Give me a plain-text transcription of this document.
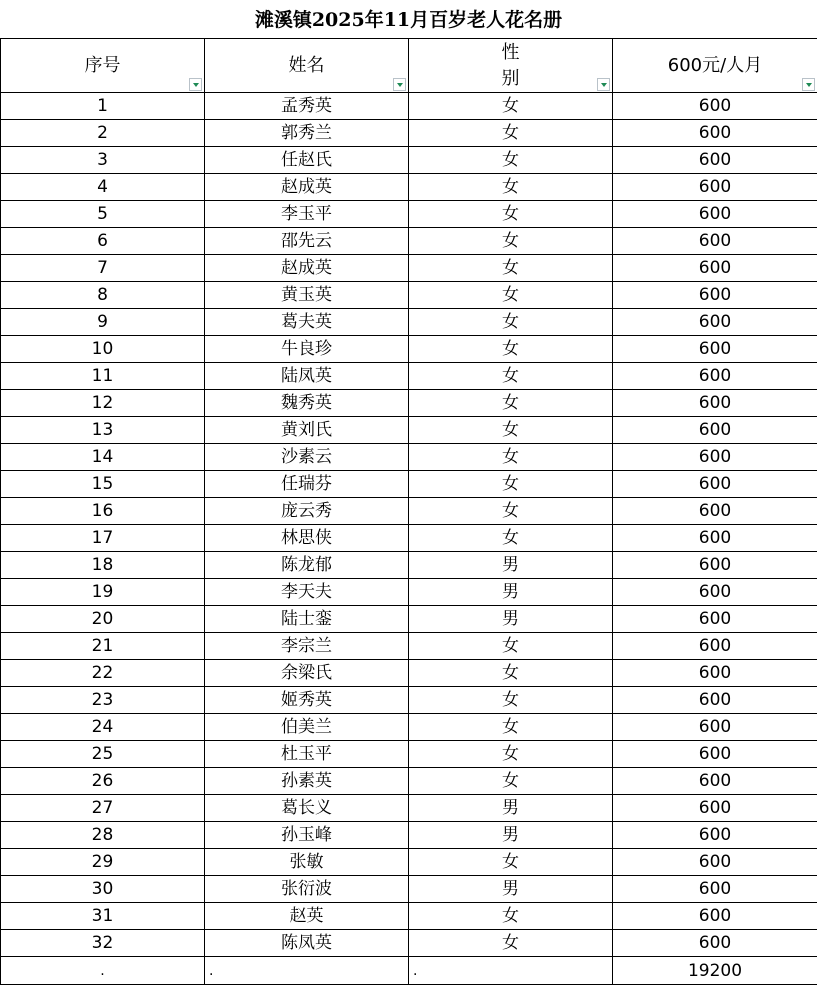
滩溪镇2025年11月百岁老人花名册
序号	姓名	性别	600元/人月

1	孟秀英	女	600
2	郭秀兰	女	600
3	任赵氏	女	600
4	赵成英	女	600
5	李玉平	女	600
6	邵先云	女	600
7	赵成英	女	600
8	黄玉英	女	600
9	葛夫英	女	600
10	牛良珍	女	600
11	陆凤英	女	600
12	魏秀英	女	600
13	黄刘氏	女	600
14	沙素云	女	600
15	任瑞芬	女	600
16	庞云秀	女	600
17	林思侠	女	600
18	陈龙郁	男	600
19	李天夫	男	600
20	陆士銮	男	600
21	李宗兰	女	600
22	余梁氏	女	600
23	姬秀英	女	600
24	伯美兰	女	600
25	杜玉平	女	600
26	孙素英	女	600
27	葛长义	男	600
28	孙玉峰	男	600
29	张敏	女	600
30	张衍波	男	600
31	赵英	女	600
32	陈凤英	女	600
.	.	.	19200
